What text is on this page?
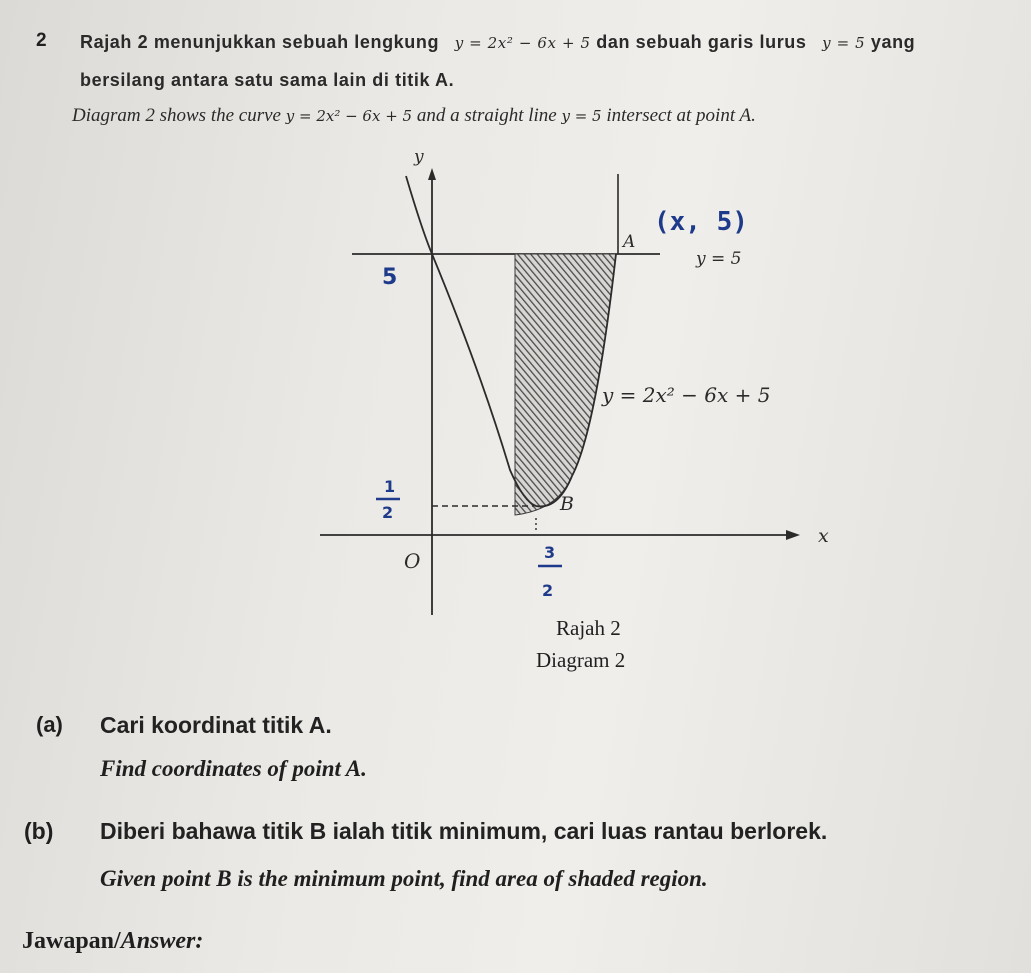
2 Rajah 2 menunjukkan sebuah lengkung y = 2x² − 6x + 5 dan sebuah garis lurus y = 5 yang
bersilang antara satu sama lain di titik A.
Diagram 2 shows the curve y = 2x² − 6x + 5 and a straight line y = 5 intersect at point A.
y
x
O
A
(x, 5)
y = 5
y = 2x² − 6x + 5
B
5
1
2
3
2
Rajah 2
Diagram 2
(a) Cari koordinat titik A.
Find coordinates of point A.
(b) Diberi bahawa titik B ialah titik minimum, cari luas rantau berlorek.
Given point B is the minimum point, find area of shaded region.
Jawapan/Answer:
